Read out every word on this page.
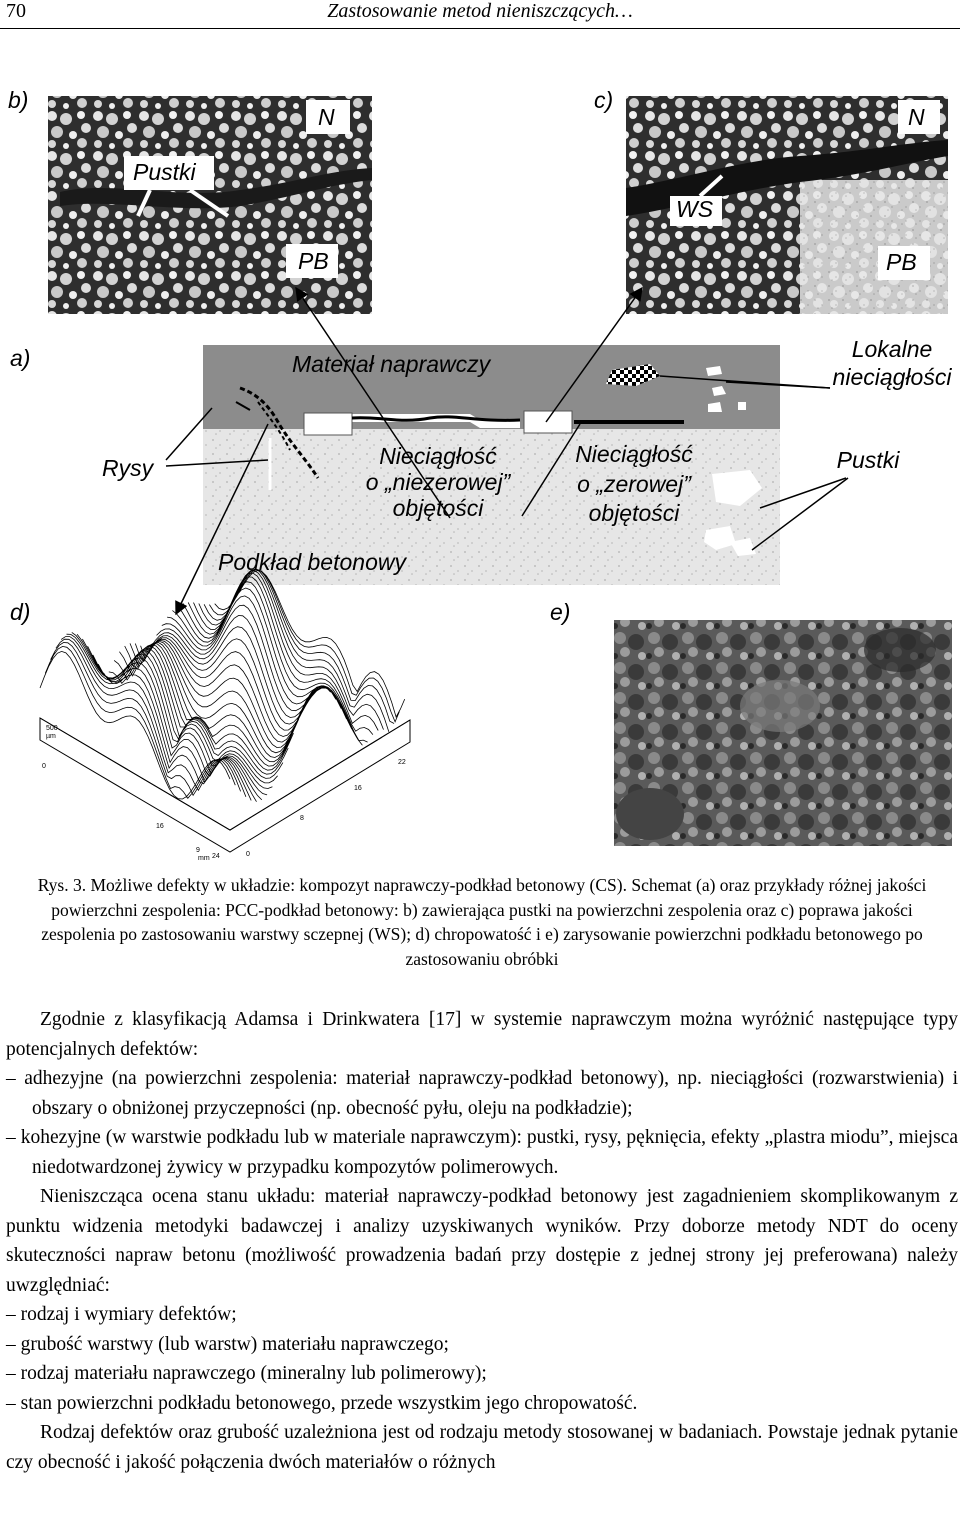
70	Zastosowanie metod nieniszczących…
b)
Pustki
N
PB
c)
N
WS
PB
a)	Materiał naprawczy
Rysy
Podkład betonowy
Nieciągłość
o „niezerowej”
objętości
Nieciągłość
o „zerowej”
objętości
Lokalne
nieciągłości
Pustki
d)
500
µm
0
16
9
24
22
16
8
0
mm
e)
Rys. 3. Możliwe defekty w układzie: kompozyt naprawczy-podkład betonowy (CS). Schemat (a) oraz przykłady różnej jakości powierzchni zespolenia: PCC-podkład betonowy: b) zawierająca pustki na powierzchni zespolenia oraz c) poprawa jakości zespolenia po zastosowaniu warstwy sczepnej (WS); d) chropowatość i e) zarysowanie powierzchni podkładu betonowego po zastosowaniu obróbki

Zgodnie z klasyfikacją Adamsa i Drinkwatera [17] w systemie naprawczym można wyróżnić następujące typy potencjalnych defektów:

– adhezyjne (na powierzchni zespolenia: materiał naprawczy-podkład betonowy), np. nieciągłości (rozwarstwienia) i obszary o obniżonej przyczepności (np. obecność pyłu, oleju na podkładzie);

– kohezyjne (w warstwie podkładu lub w materiale naprawczym): pustki, rysy, pęknięcia, efekty „plastra miodu”, miejsca niedotwardzonej żywicy w przypadku kompozytów polimerowych.

Nieniszcząca ocena stanu układu: materiał naprawczy-podkład betonowy jest zagadnieniem skomplikowanym z punktu widzenia metodyki badawczej i analizy uzyskiwanych wyników. Przy doborze metody NDT do oceny skuteczności napraw betonu (możliwość prowadzenia badań przy dostępie z jednej strony jej preferowana) należy uwzględniać:

– rodzaj i wymiary defektów;

– grubość warstwy (lub warstw) materiału naprawczego;

– rodzaj materiału naprawczego (mineralny lub polimerowy);

– stan powierzchni podkładu betonowego, przede wszystkim jego chropowatość.

Rodzaj defektów oraz grubość uzależniona jest od rodzaju metody stosowanej w badaniach. Powstaje jednak pytanie czy obecność i jakość połączenia dwóch materiałów o różnych
